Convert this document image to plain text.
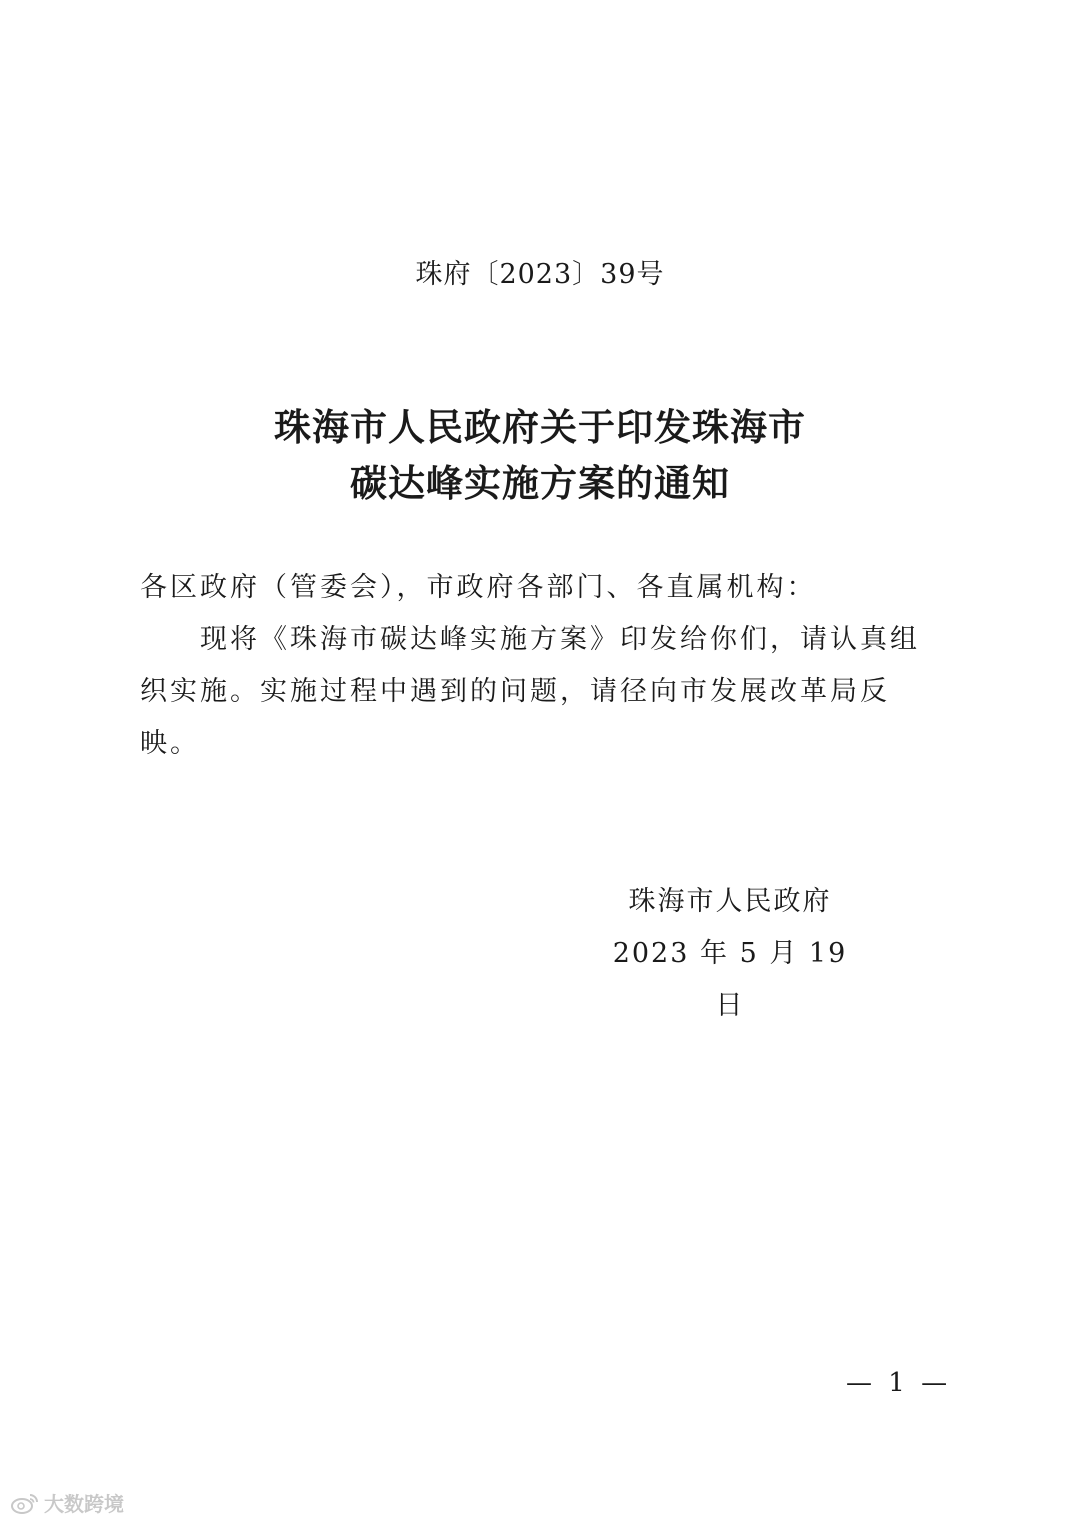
珠府〔2023〕39号
珠海市人民政府关于印发珠海市
碳达峰实施方案的通知
各区政府（管委会），市政府各部门、各直属机构：
现将《珠海市碳达峰实施方案》印发给你们，请认真组织实施。实施过程中遇到的问题，请径向市发展改革局反映。
珠海市人民政府
2023 年 5 月 19 日
— 1 —
大数跨境
